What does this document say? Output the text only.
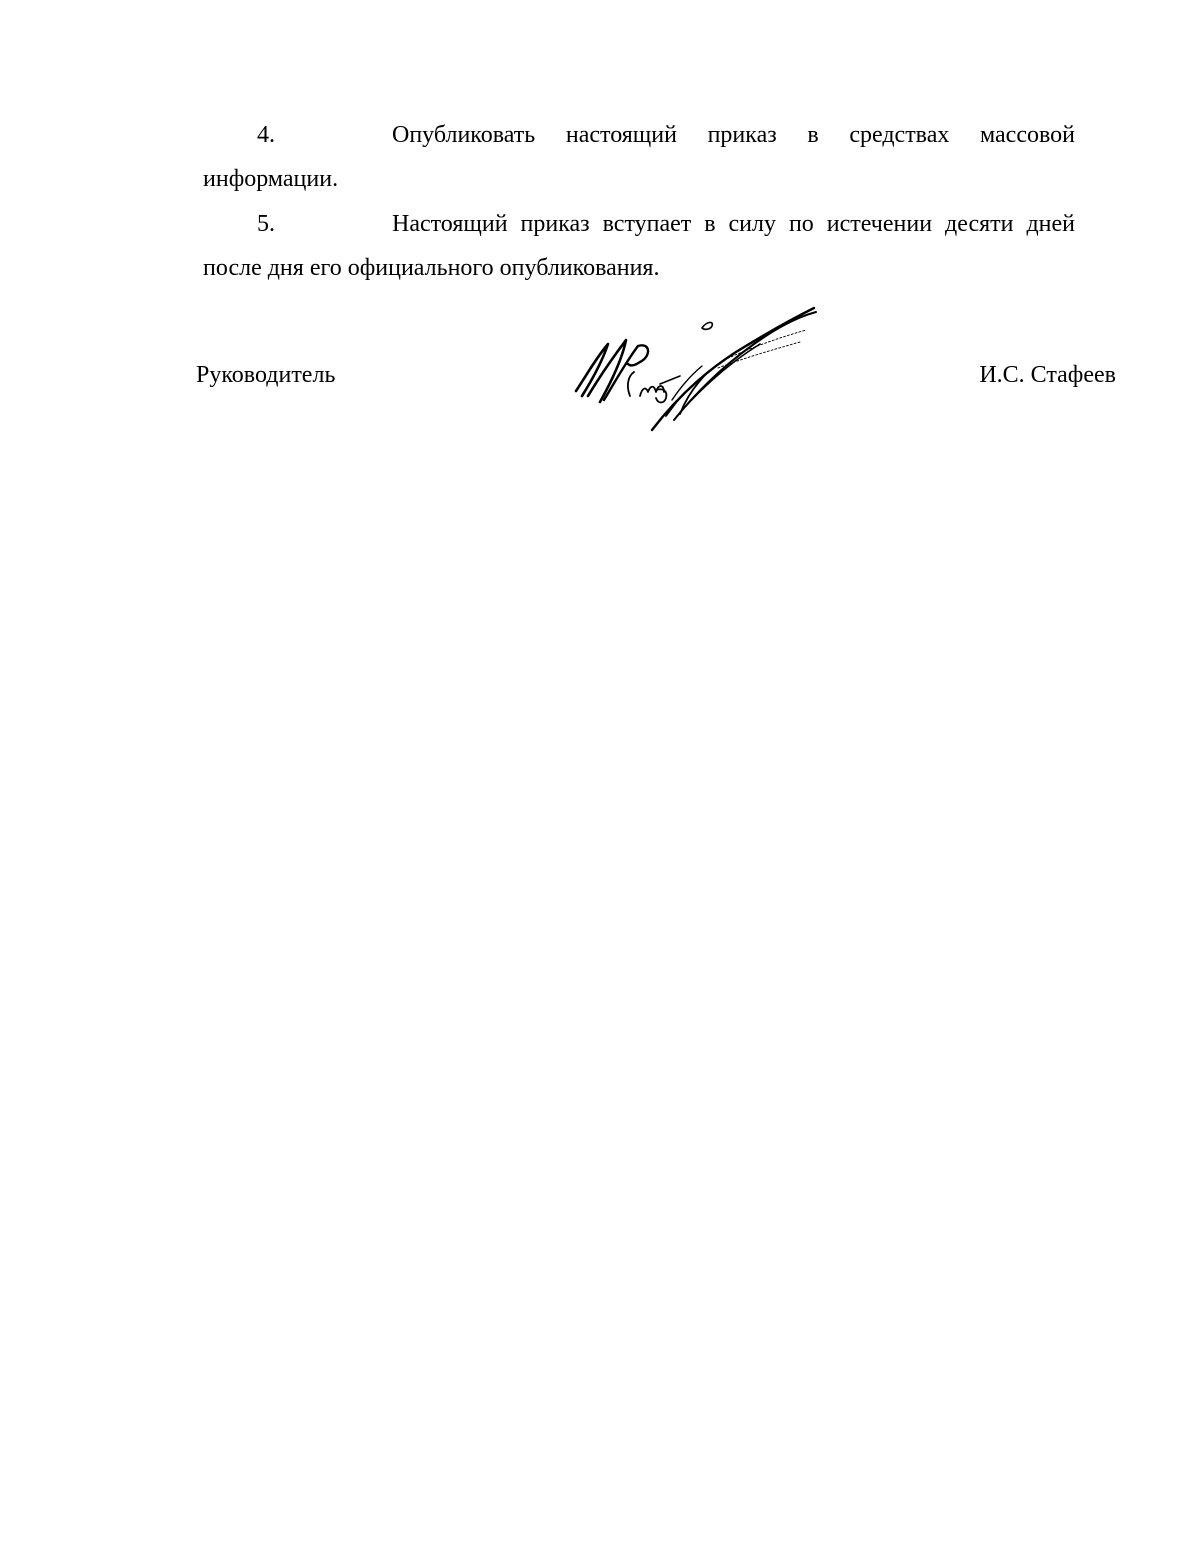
4.	Опубликовать настоящий приказ в средствах массовой информации.

5.	Настоящий приказ вступает в силу по истечении десяти дней после дня его официального опубликования.

Руководитель	И.С. Стафеев
